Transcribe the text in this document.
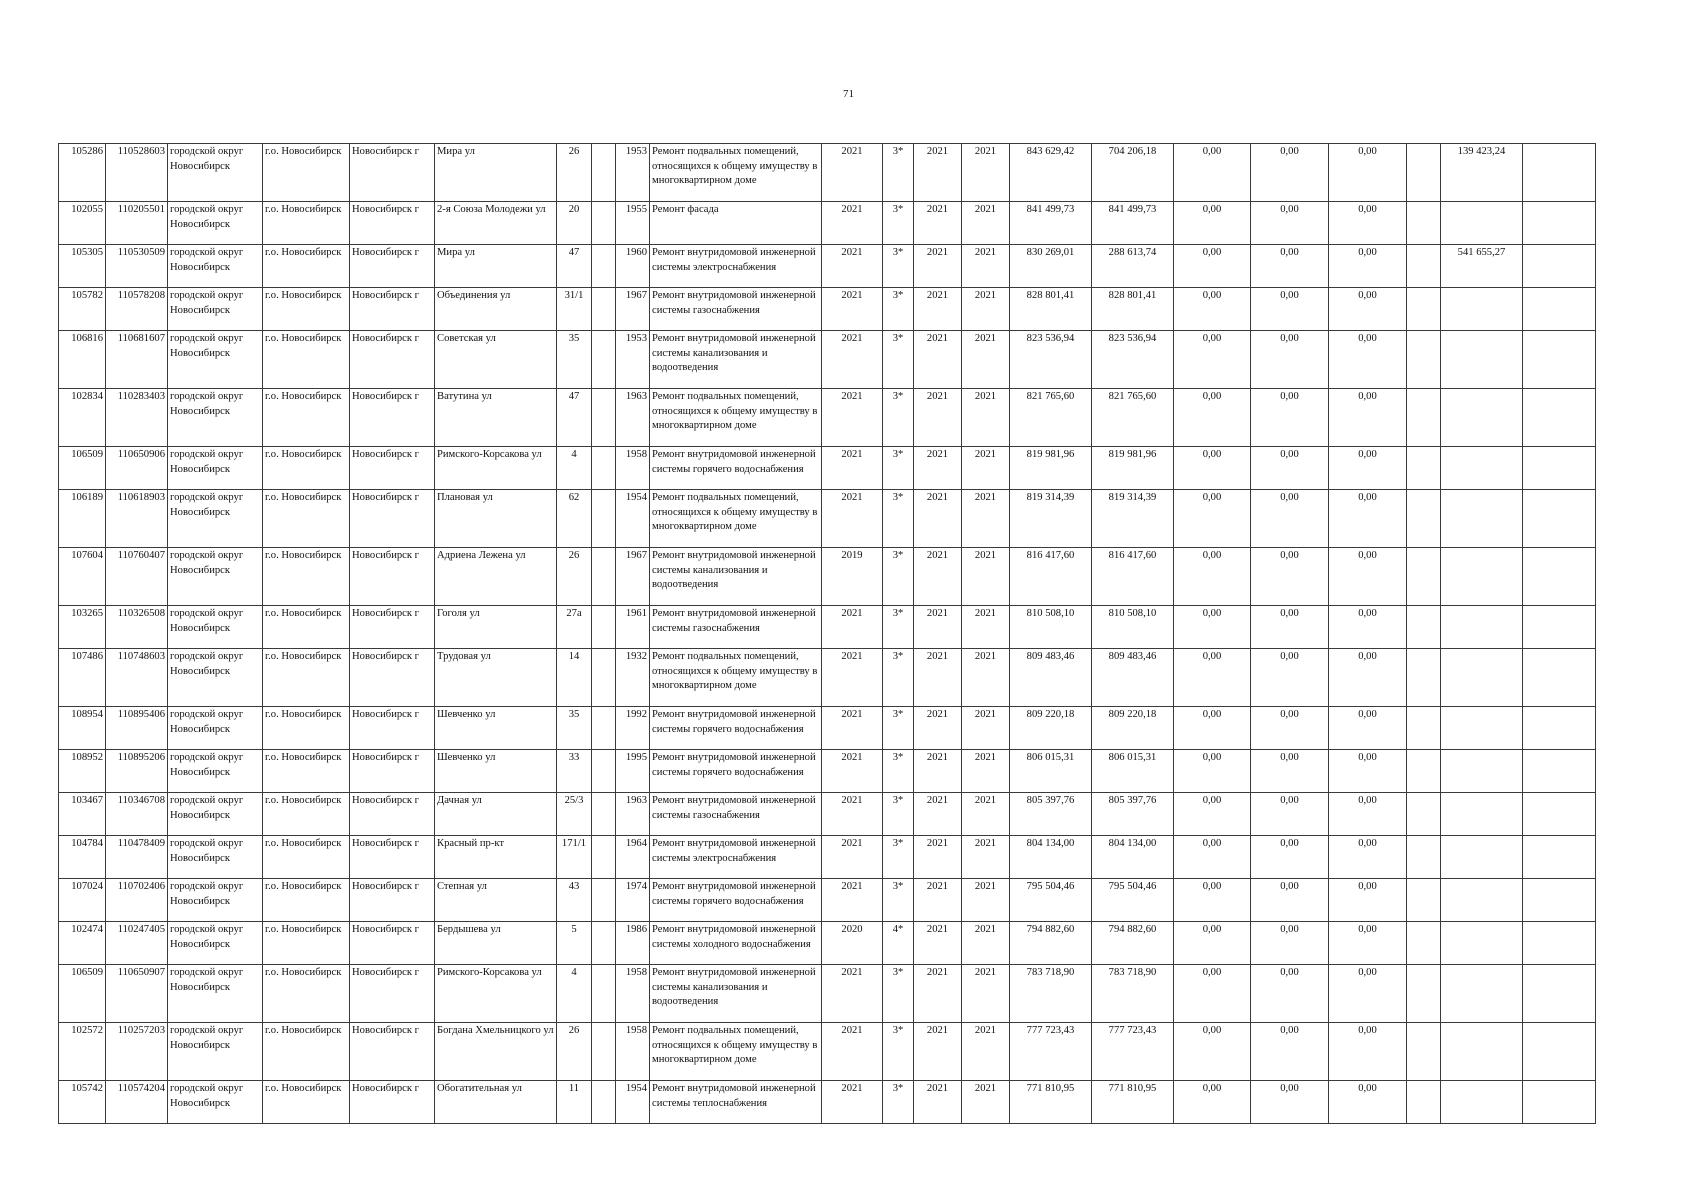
71
105286	110528603	городской округ Новосибирск	г.о. Новосибирск	Новосибирск г	Мира ул	26		1953	Ремонт подвальных помещений, относящихся к общему имуществу в многоквартирном доме	2021	3*	2021	2021	843 629,42	704 206,18	0,00	0,00	0,00		139 423,24	
102055	110205501	городской округ Новосибирск	г.о. Новосибирск	Новосибирск г	2-я Союза Молодежи ул	20		1955	Ремонт фасада	2021	3*	2021	2021	841 499,73	841 499,73	0,00	0,00	0,00			
105305	110530509	городской округ Новосибирск	г.о. Новосибирск	Новосибирск г	Мира ул	47		1960	Ремонт внутридомовой инженерной системы электроснабжения	2021	3*	2021	2021	830 269,01	288 613,74	0,00	0,00	0,00		541 655,27	
105782	110578208	городской округ Новосибирск	г.о. Новосибирск	Новосибирск г	Объединения ул	31/1		1967	Ремонт внутридомовой инженерной системы газоснабжения	2021	3*	2021	2021	828 801,41	828 801,41	0,00	0,00	0,00			
106816	110681607	городской округ Новосибирск	г.о. Новосибирск	Новосибирск г	Советская ул	35		1953	Ремонт внутридомовой инженерной системы канализования и водоотведения	2021	3*	2021	2021	823 536,94	823 536,94	0,00	0,00	0,00			
102834	110283403	городской округ Новосибирск	г.о. Новосибирск	Новосибирск г	Ватутина ул	47		1963	Ремонт подвальных помещений, относящихся к общему имуществу в многоквартирном доме	2021	3*	2021	2021	821 765,60	821 765,60	0,00	0,00	0,00			
106509	110650906	городской округ Новосибирск	г.о. Новосибирск	Новосибирск г	Римского-Корсакова ул	4		1958	Ремонт внутридомовой инженерной системы горячего водоснабжения	2021	3*	2021	2021	819 981,96	819 981,96	0,00	0,00	0,00			
106189	110618903	городской округ Новосибирск	г.о. Новосибирск	Новосибирск г	Плановая ул	62		1954	Ремонт подвальных помещений, относящихся к общему имуществу в многоквартирном доме	2021	3*	2021	2021	819 314,39	819 314,39	0,00	0,00	0,00			
107604	110760407	городской округ Новосибирск	г.о. Новосибирск	Новосибирск г	Адриена Лежена ул	26		1967	Ремонт внутридомовой инженерной системы канализования и водоотведения	2019	3*	2021	2021	816 417,60	816 417,60	0,00	0,00	0,00			
103265	110326508	городской округ Новосибирск	г.о. Новосибирск	Новосибирск г	Гоголя ул	27а		1961	Ремонт внутридомовой инженерной системы газоснабжения	2021	3*	2021	2021	810 508,10	810 508,10	0,00	0,00	0,00			
107486	110748603	городской округ Новосибирск	г.о. Новосибирск	Новосибирск г	Трудовая ул	14		1932	Ремонт подвальных помещений, относящихся к общему имуществу в многоквартирном доме	2021	3*	2021	2021	809 483,46	809 483,46	0,00	0,00	0,00			
108954	110895406	городской округ Новосибирск	г.о. Новосибирск	Новосибирск г	Шевченко ул	35		1992	Ремонт внутридомовой инженерной системы горячего водоснабжения	2021	3*	2021	2021	809 220,18	809 220,18	0,00	0,00	0,00			
108952	110895206	городской округ Новосибирск	г.о. Новосибирск	Новосибирск г	Шевченко ул	33		1995	Ремонт внутридомовой инженерной системы горячего водоснабжения	2021	3*	2021	2021	806 015,31	806 015,31	0,00	0,00	0,00			
103467	110346708	городской округ Новосибирск	г.о. Новосибирск	Новосибирск г	Дачная ул	25/3		1963	Ремонт внутридомовой инженерной системы газоснабжения	2021	3*	2021	2021	805 397,76	805 397,76	0,00	0,00	0,00			
104784	110478409	городской округ Новосибирск	г.о. Новосибирск	Новосибирск г	Красный пр-кт	171/1		1964	Ремонт внутридомовой инженерной системы электроснабжения	2021	3*	2021	2021	804 134,00	804 134,00	0,00	0,00	0,00			
107024	110702406	городской округ Новосибирск	г.о. Новосибирск	Новосибирск г	Степная ул	43		1974	Ремонт внутридомовой инженерной системы горячего водоснабжения	2021	3*	2021	2021	795 504,46	795 504,46	0,00	0,00	0,00			
102474	110247405	городской округ Новосибирск	г.о. Новосибирск	Новосибирск г	Бердышева ул	5		1986	Ремонт внутридомовой инженерной системы холодного водоснабжения	2020	4*	2021	2021	794 882,60	794 882,60	0,00	0,00	0,00			
106509	110650907	городской округ Новосибирск	г.о. Новосибирск	Новосибирск г	Римского-Корсакова ул	4		1958	Ремонт внутридомовой инженерной системы канализования и водоотведения	2021	3*	2021	2021	783 718,90	783 718,90	0,00	0,00	0,00			
102572	110257203	городской округ Новосибирск	г.о. Новосибирск	Новосибирск г	Богдана Хмельницкого ул	26		1958	Ремонт подвальных помещений, относящихся к общему имуществу в многоквартирном доме	2021	3*	2021	2021	777 723,43	777 723,43	0,00	0,00	0,00			
105742	110574204	городской округ Новосибирск	г.о. Новосибирск	Новосибирск г	Обогатительная ул	11		1954	Ремонт внутридомовой инженерной системы теплоснабжения	2021	3*	2021	2021	771 810,95	771 810,95	0,00	0,00	0,00			
